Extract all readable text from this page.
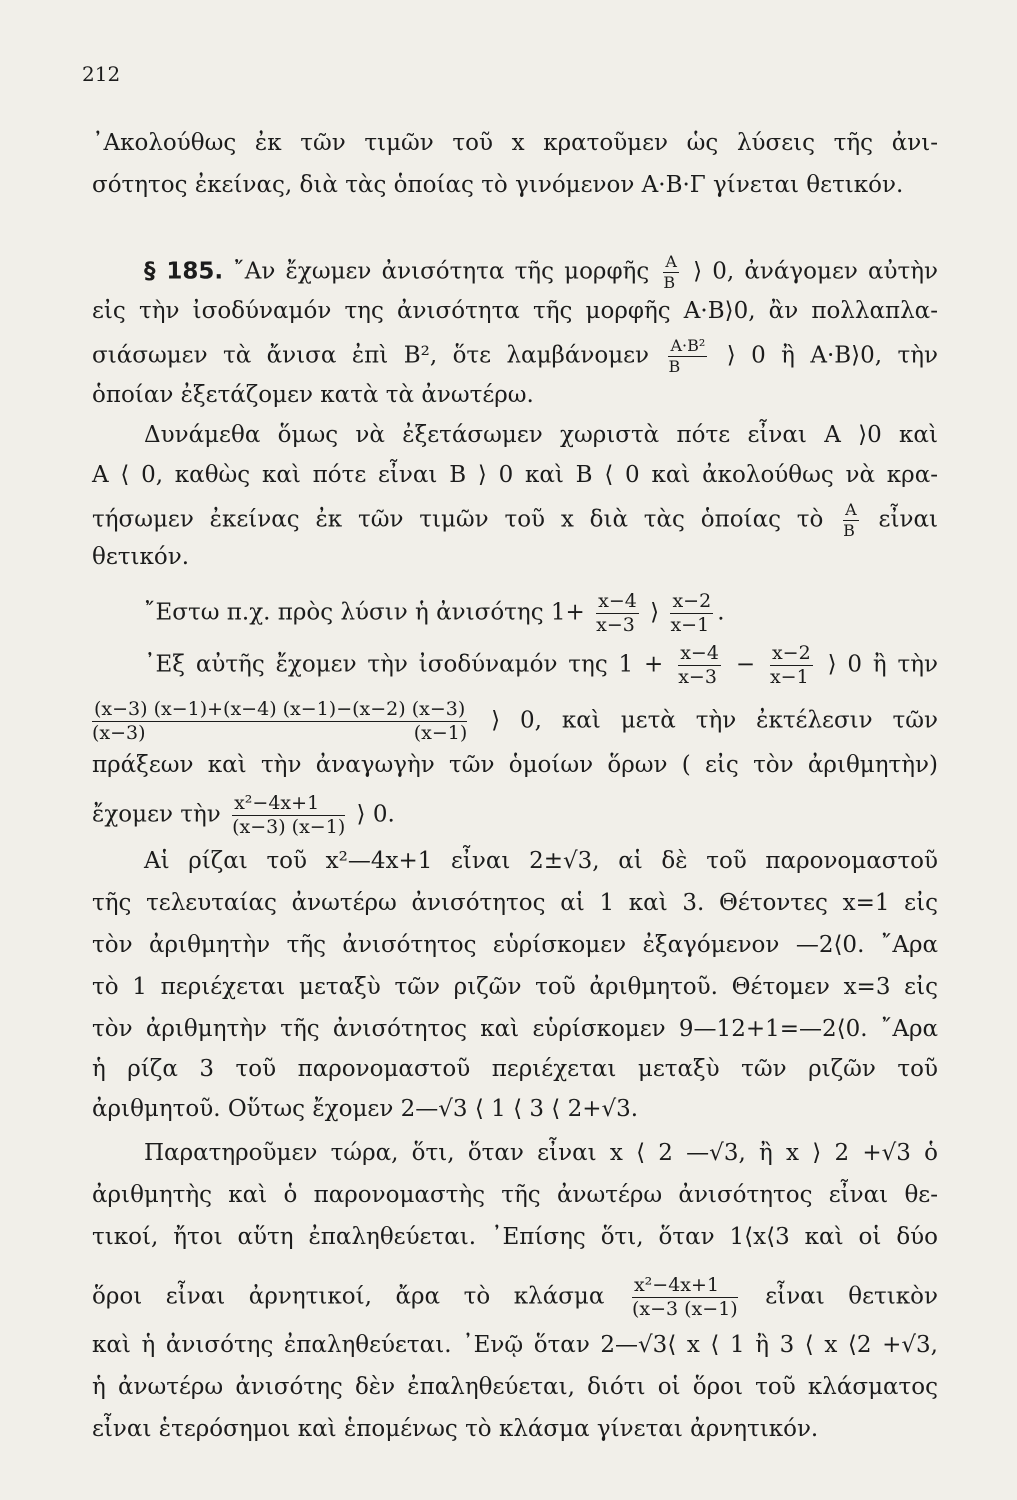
212
᾿Ακολούθως ἐκ τῶν τιμῶν τοῦ x κρατοῦμεν ὡς λύσεις τῆς ἀνι-
σότητος ἐκείνας, διὰ τὰς ὁποίας τὸ γινόμενον Α·Β·Γ γίνεται θετικόν.
§ 185. ῎Αν ἔχωμεν ἀνισότητα τῆς μορφῆς $\frac{A}{B}$ ⟩ 0, ἀνάγομεν αὐτὴν
εἰς τὴν ἰσοδύναμόν της ἀνισότητα τῆς μορφῆς Α·Β⟩0, ἂν πολλαπλα-
σιάσωμεν τὰ ἄνισα ἐπὶ Β², ὅτε λαμβάνομεν $\frac{\text{A·B²}}{B}$ ⟩ 0 ἢ Α·Β⟩0, τὴν
ὁποίαν ἐξετάζομεν κατὰ τὰ ἀνωτέρω.
Δυνάμεθα ὅμως νὰ ἐξετάσωμεν χωριστὰ πότε εἶναι Α ⟩0 καὶ
Α ⟨ 0, καθὼς καὶ πότε εἶναι Β ⟩ 0 καὶ Β ⟨ 0 καὶ ἀκολούθως νὰ κρα-
τήσωμεν ἐκείνας ἐκ τῶν τιμῶν τοῦ x διὰ τὰς ὁποίας τὸ $\frac{A}{B}$ εἶναι
θετικόν.
῎Εστω π.χ. πρὸς λύσιν ἡ ἀνισότης $1+ \frac{x-4}{x-3}$ ⟩ $\frac{x-2}{x-1}$ .
᾿Εξ αὐτῆς ἔχομεν τὴν ἰσοδύναμόν της $1 + \frac{x-4}{x-3} - \frac{x-2}{x-1}$ ⟩ 0 ἢ τὴν
$\frac{(x-3) (x-1)+(x-4) (x-1)-(x-2) (x-3)}{(x-3) (x-1)}$ ⟩ 0, καὶ μετὰ τὴν ἐκτέλεσιν τῶν
πράξεων καὶ τὴν ἀναγωγὴν τῶν ὁμοίων ὅρων ( εἰς τὸν ἀριθμητὴν)
ἔχομεν τὴν $\frac{\text{x²−4x+1}}{(x-3) (x-1)}$ ⟩ 0.
Αἱ ρίζαι τοῦ x²—4x+1 εἶναι 2±√3, αἱ δὲ τοῦ παρονομαστοῦ
τῆς τελευταίας ἀνωτέρω ἀνισότητος αἱ 1 καὶ 3. Θέτοντες x=1 εἰς
τὸν ἀριθμητὴν τῆς ἀνισότητος εὑρίσκομεν ἐξαγόμενον —2⟨0. ῎Αρα
τὸ 1 περιέχεται μεταξὺ τῶν ριζῶν τοῦ ἀριθμητοῦ. Θέτομεν x=3 εἰς
τὸν ἀριθμητὴν τῆς ἀνισότητος καὶ εὑρίσκομεν 9—12+1=—2⟨0. ῎Αρα
ἡ ρίζα 3 τοῦ παρονομαστοῦ περιέχεται μεταξὺ τῶν ριζῶν τοῦ
ἀριθμητοῦ. Οὕτως ἔχομεν 2—√3 ⟨ 1 ⟨ 3 ⟨ 2+√3.
Παρατηροῦμεν τώρα, ὅτι, ὅταν εἶναι x ⟨ 2 —√3, ἢ x ⟩ 2 +√3 ὁ
ἀριθμητὴς καὶ ὁ παρονομαστὴς τῆς ἀνωτέρω ἀνισότητος εἶναι θε-
τικοί, ἤτοι αὕτη ἐπαληθεύεται. ᾿Επίσης ὅτι, ὅταν 1⟨x⟨3 καὶ οἱ δύο
ὅροι εἶναι ἀρνητικοί, ἄρα τὸ κλάσμα $\frac{\text{x²−4x+1}}{(x-3 (x-1)}$ εἶναι θετικὸν
καὶ ἡ ἀνισότης ἐπαληθεύεται. ᾿Ενῷ ὅταν 2—√3⟨ x ⟨ 1 ἢ 3 ⟨ x ⟨2 +√3,
ἡ ἀνωτέρω ἀνισότης δὲν ἐπαληθεύεται, διότι οἱ ὅροι τοῦ κλάσματος
εἶναι ἑτερόσημοι καὶ ἑπομένως τὸ κλάσμα γίνεται ἀρνητικόν.
